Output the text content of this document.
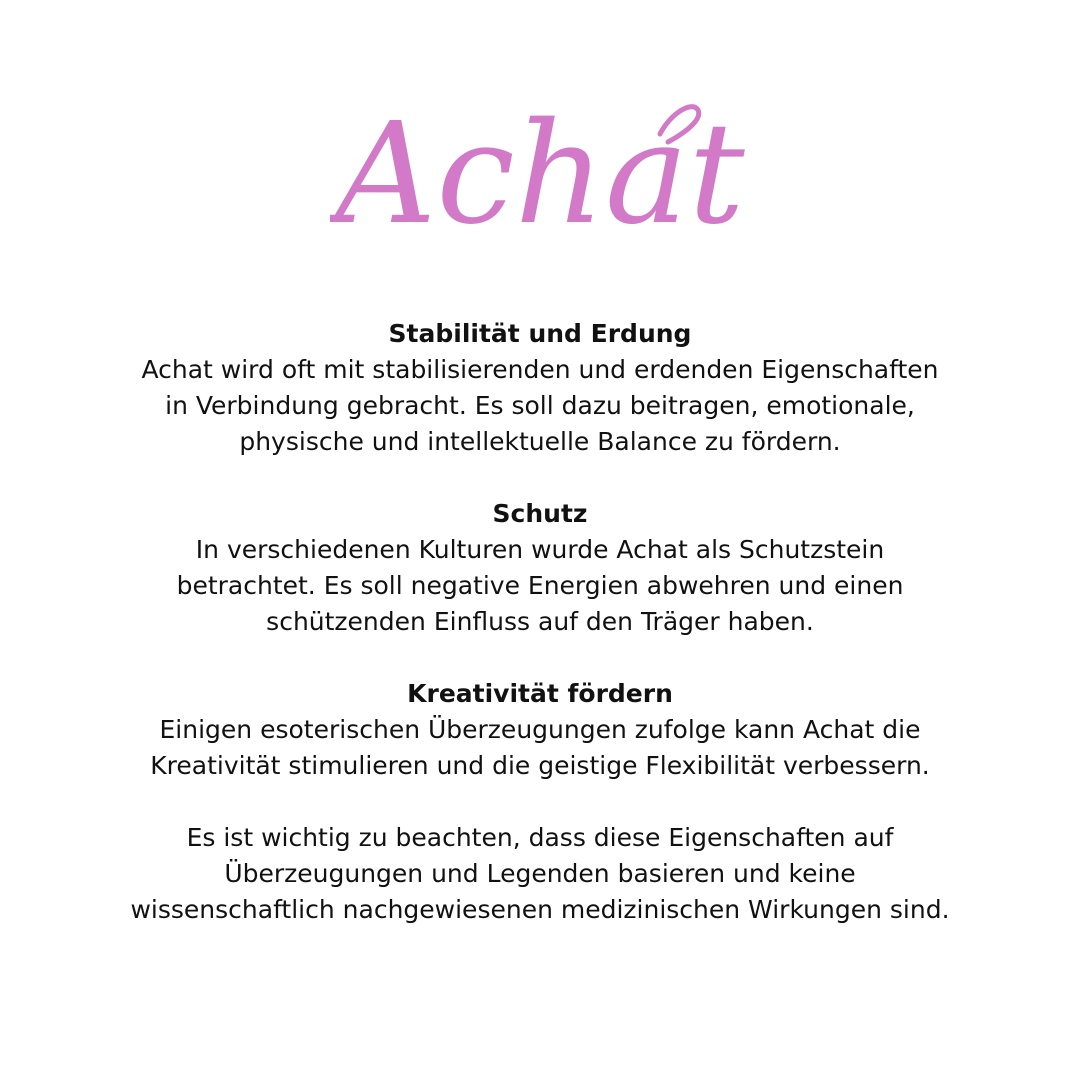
Achat
Stabilität und Erdung
Achat wird oft mit stabilisierenden und erdenden Eigenschaften
in Verbindung gebracht. Es soll dazu beitragen, emotionale,
physische und intellektuelle Balance zu fördern.
Schutz
In verschiedenen Kulturen wurde Achat als Schutzstein
betrachtet. Es soll negative Energien abwehren und einen
schützenden Einfluss auf den Träger haben.
Kreativität fördern
Einigen esoterischen Überzeugungen zufolge kann Achat die
Kreativität stimulieren und die geistige Flexibilität verbessern.
Es ist wichtig zu beachten, dass diese Eigenschaften auf
Überzeugungen und Legenden basieren und keine
wissenschaftlich nachgewiesenen medizinischen Wirkungen sind.
